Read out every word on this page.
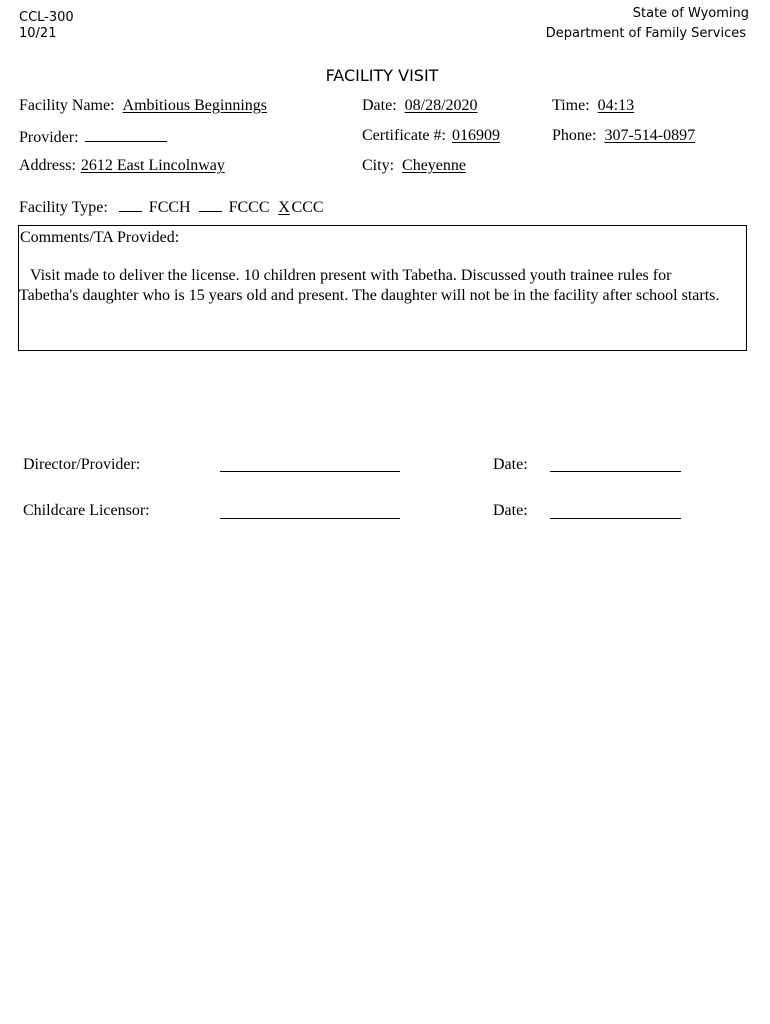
CCL-300
10/21
State of Wyoming
Department of Family Services
FACILITY VISIT
Facility Name: Ambitious Beginnings	Date: 08/28/2020	Time: 04:13
Provider:	Certificate #: 016909	Phone: 307-514-0897
Address: 2612 East Lincolnway	City: Cheyenne
Facility Type:	FCCH FCCC X CCC
Comments/TA Provided:
Visit made to deliver the license. 10 children present with Tabetha. Discussed youth trainee rules for
Tabetha's daughter who is 15 years old and present. The daughter will not be in the facility after school starts.
Director/Provider:	Date:
Childcare Licensor:	Date:
